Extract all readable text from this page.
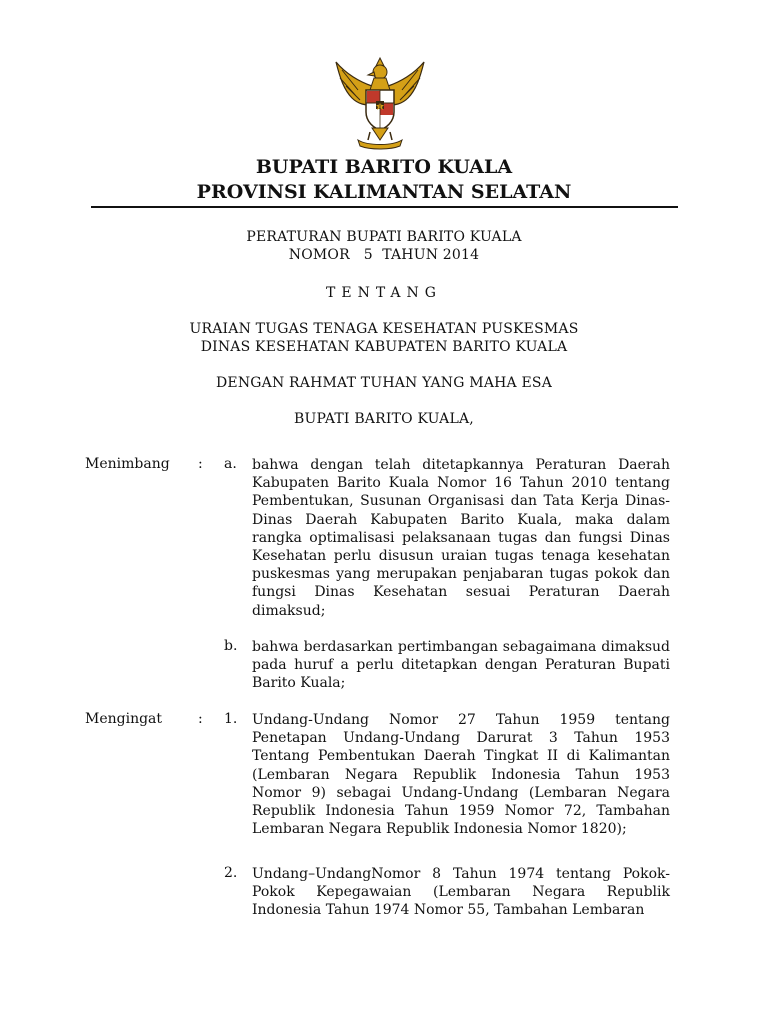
BUPATI BARITO KUALA
PROVINSI KALIMANTAN SELATAN
PERATURAN BUPATI BARITO KUALA
NOMOR   5  TAHUN 2014
TENTANG
URAIAN TUGAS TENAGA KESEHATAN PUSKESMAS
DINAS KESEHATAN KABUPATEN BARITO KUALA
DENGAN RAHMAT TUHAN YANG MAHA ESA
BUPATI BARITO KUALA,
Menimbang : a. bahwa dengan telah ditetapkannya Peraturan Daerah Kabupaten Barito Kuala Nomor 16 Tahun 2010 tentang Pembentukan, Susunan Organisasi dan Tata Kerja Dinas-Dinas Daerah Kabupaten Barito Kuala, maka dalam rangka optimalisasi pelaksanaan tugas dan fungsi Dinas Kesehatan perlu disusun uraian tugas tenaga kesehatan puskesmas yang merupakan penjabaran tugas pokok dan fungsi Dinas Kesehatan sesuai Peraturan Daerah dimaksud;
b. bahwa berdasarkan pertimbangan sebagaimana dimaksud pada huruf a perlu ditetapkan dengan Peraturan Bupati Barito Kuala;
Mengingat	: 1. Undang-Undang Nomor 27 Tahun 1959 tentang Penetapan Undang-Undang Darurat 3 Tahun 1953 Tentang Pembentukan Daerah Tingkat II di Kalimantan (Lembaran Negara Republik Indonesia Tahun 1953 Nomor 9) sebagai Undang-Undang (Lembaran Negara Republik Indonesia Tahun 1959 Nomor 72, Tambahan Lembaran Negara Republik Indonesia Nomor 1820);
2. Undang–UndangNomor 8 Tahun 1974 tentang Pokok-Pokok Kepegawaian (Lembaran Negara Republik Indonesia Tahun 1974 Nomor 55, Tambahan Lembaran
